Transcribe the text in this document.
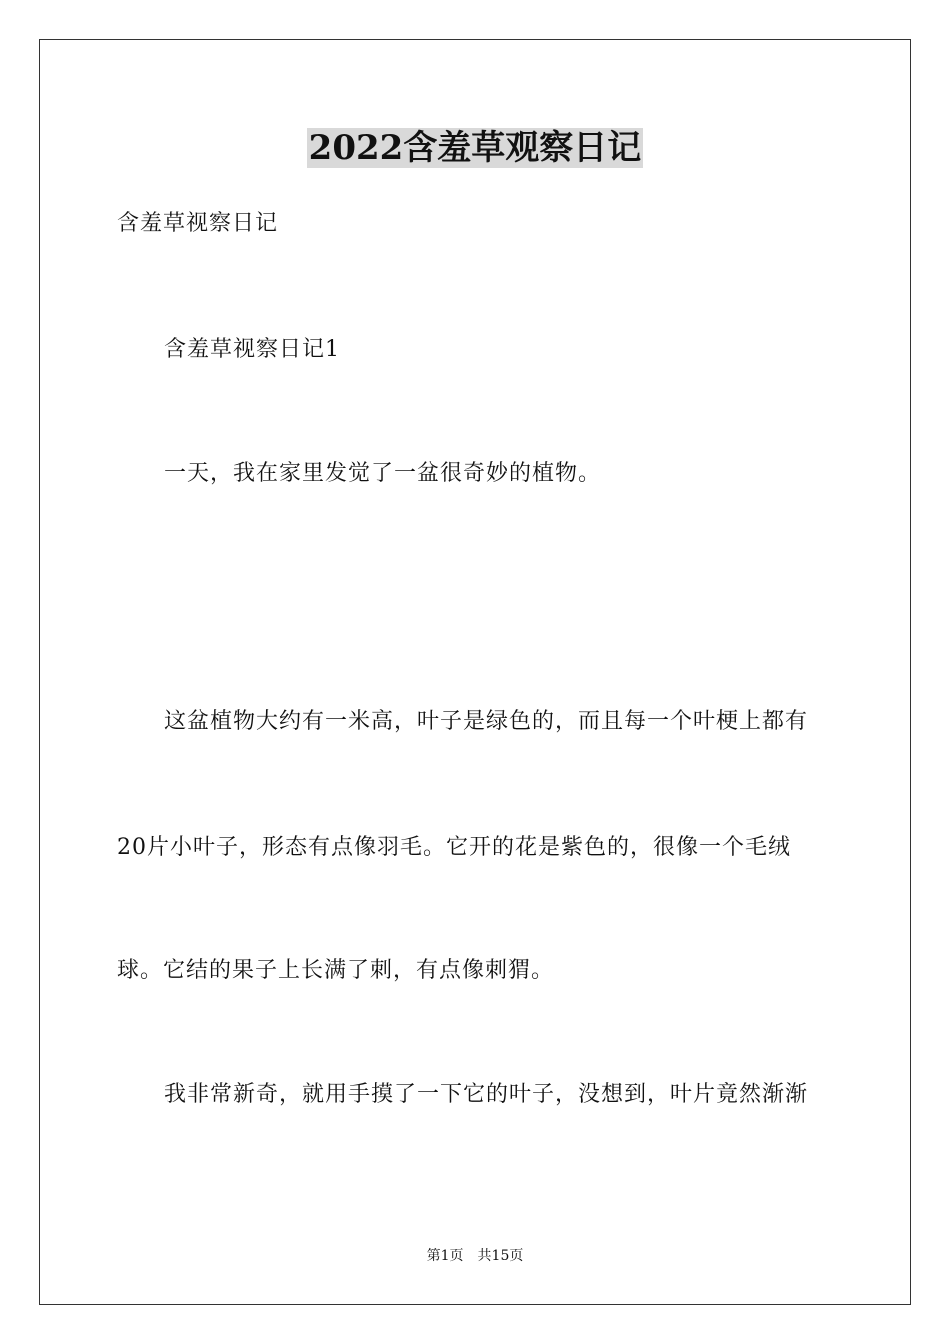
2022含羞草观察日记
含羞草视察日记
含羞草视察日记1
一天，我在家里发觉了一盆很奇妙的植物。
这盆植物大约有一米高，叶子是绿色的，而且每一个叶梗上都有
20片小叶子，形态有点像羽毛。它开的花是紫色的，很像一个毛绒
球。它结的果子上长满了刺，有点像刺猬。
我非常新奇，就用手摸了一下它的叶子，没想到，叶片竟然渐渐
第1页 共15页
